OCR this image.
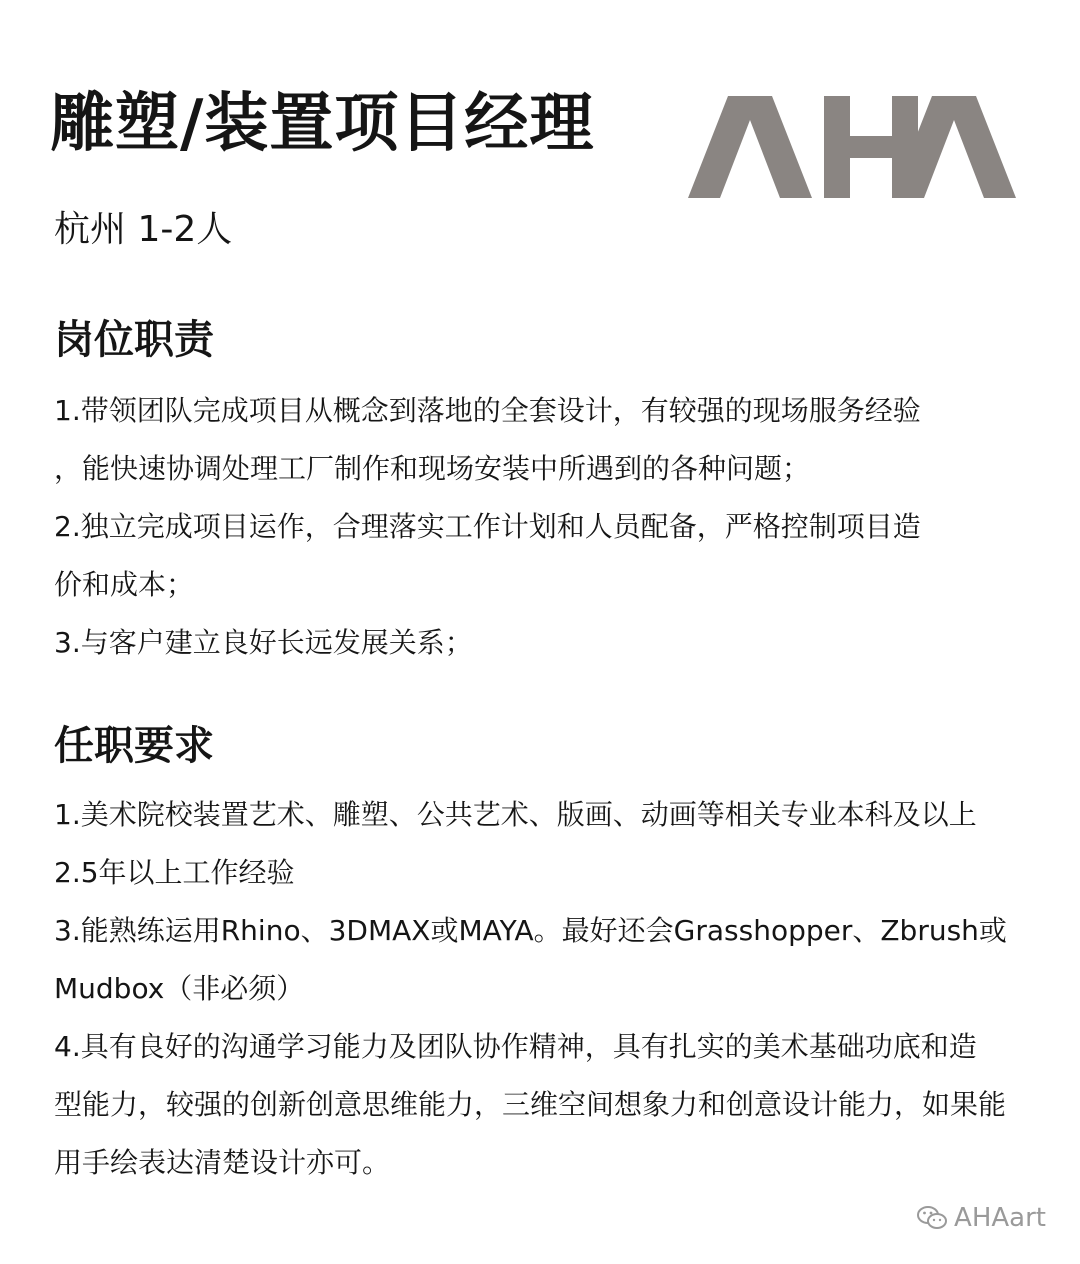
雕塑/装置项目经理

杭州 1-2人

岗位职责

1.带领团队完成项目从概念到落地的全套设计，有较强的现场服务经验

，能快速协调处理工厂制作和现场安装中所遇到的各种问题；

2.独立完成项目运作，合理落实工作计划和人员配备，严格控制项目造

价和成本；

3.与客户建立良好长远发展关系；

任职要求

1.美术院校装置艺术、雕塑、公共艺术、版画、动画等相关专业本科及以上

2.5年以上工作经验

3.能熟练运用Rhino、3DMAX或MAYA。最好还会Grasshopper、Zbrush或

Mudbox（非必须）

4.具有良好的沟通学习能力及团队协作精神，具有扎实的美术基础功底和造

型能力，较强的创新创意思维能力，三维空间想象力和创意设计能力，如果能

用手绘表达清楚设计亦可。

AHAart
